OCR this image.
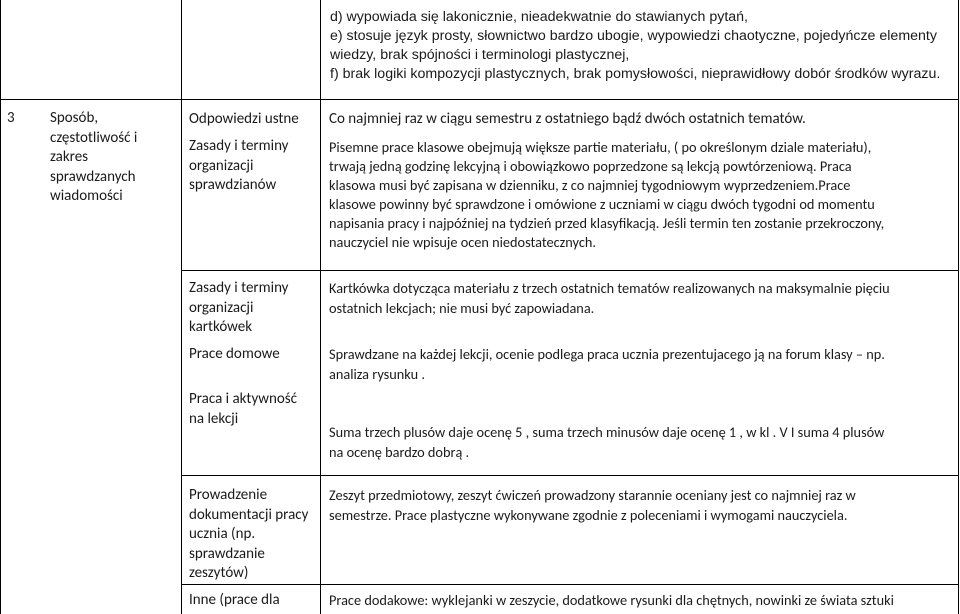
d) wypowiada się lakonicznie, nieadekwatnie do stawianych pytań,
e) stosuje język prosty, słownictwo bardzo ubogie, wypowiedzi chaotyczne, pojedyńcze elementy
wiedzy, brak spójności i terminologi plastycznej,
f) brak logiki kompozycji plastycznych, brak pomysłowości, nieprawidłowy dobór środków wyrazu.
3 Sposób,
częstotliwość i
zakres
sprawdzanych
wiadomości
Odpowiedzi ustne Co najmniej raz w ciągu semestru z ostatniego bądź dwóch ostatnich tematów.
Zasady i terminy
organizacji
sprawdzianów
Pisemne prace klasowe obejmują większe partie materiału, ( po określonym dziale materiału),
trwają jedną godzinę lekcyjną i obowiązkowo poprzedzone są lekcją powtórzeniową. Praca
klasowa musi być zapisana w dzienniku, z co najmniej tygodniowym wyprzedzeniem.Prace
klasowe powinny być sprawdzone i omówione z uczniami w ciągu dwóch tygodni od momentu
napisania pracy i najpóźniej na tydzień przed klasyfikacją. Jeśli termin ten zostanie przekroczony,
nauczyciel nie wpisuje ocen niedostatecznych.
Zasady i terminy
organizacji
kartkówek
Kartkówka dotycząca materiału z trzech ostatnich tematów realizowanych na maksymalnie pięciu
ostatnich lekcjach; nie musi być zapowiadana.
Prace domowe	Sprawdzane na każdej lekcji, ocenie podlega praca ucznia prezentujacego ją na forum klasy – np.
analiza rysunku .
Praca i aktywność
na lekcji
Suma trzech plusów daje ocenę 5 , suma trzech minusów daje ocenę 1 , w kl . V I suma 4 plusów
na ocenę bardzo dobrą .
Prowadzenie
dokumentacji pracy
ucznia (np.
sprawdzanie
zeszytów)
Zeszyt przedmiotowy, zeszyt ćwiczeń prowadzony starannie oceniany jest co najmniej raz w
semestrze. Prace plastyczne wykonywane zgodnie z poleceniami i wymogami nauczyciela.
Inne (prace dla	Prace dodakowe: wyklejanki w zeszycie, dodatkowe rysunki dla chętnych, nowinki ze świata sztuki
